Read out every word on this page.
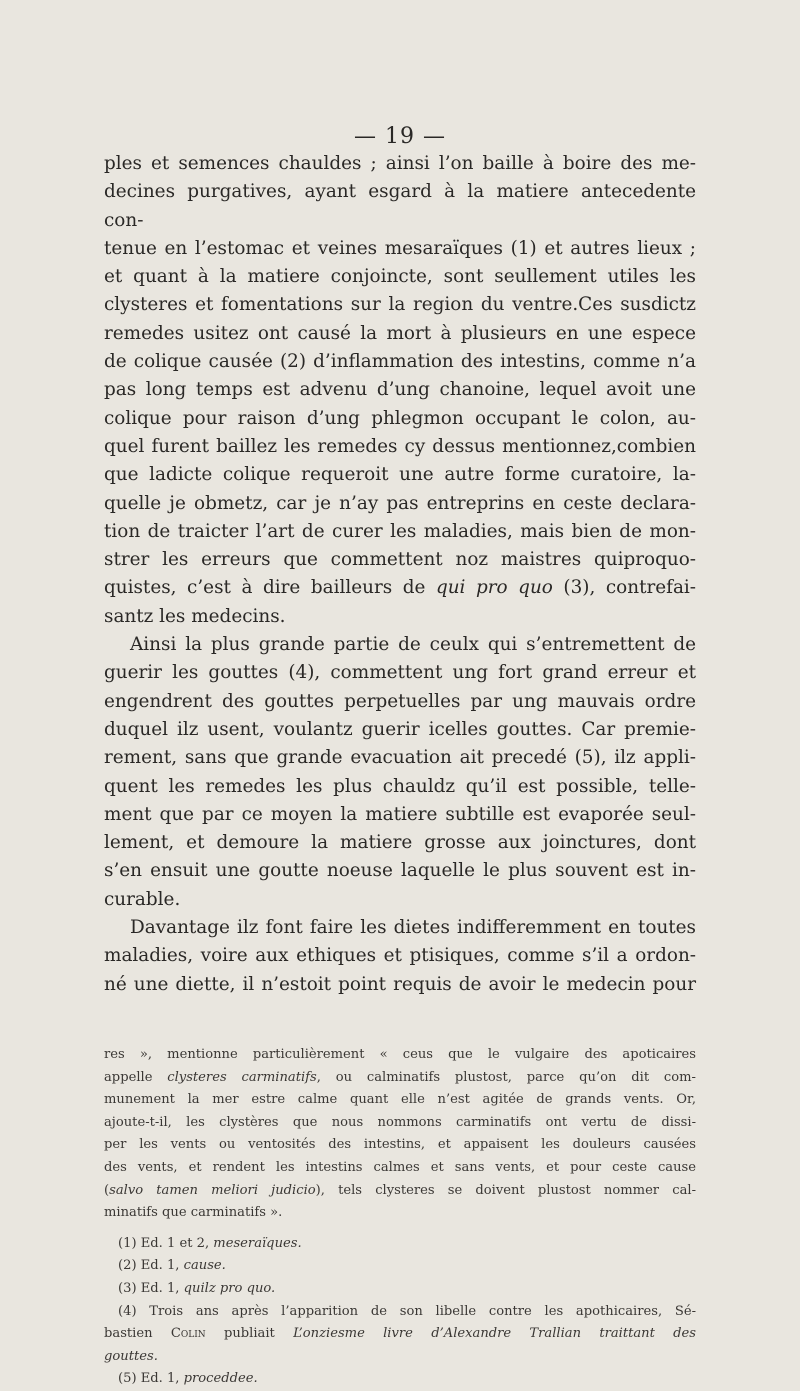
— 19 —

ples et semences chauldes ; ainsi l’on baille à boire des me-

decines purgatives, ayant esgard à la matiere antecedente con-

tenue en l’estomac et veines mesaraïques (1) et autres lieux ;

et quant à la matiere conjoincte, sont seullement utiles les

clysteres et fomentations sur la region du ventre.Ces susdictz

remedes usitez ont causé la mort à plusieurs en une espece

de colique causée (2) d’inflammation des intestins, comme n’a

pas long temps est advenu d’ung chanoine, lequel avoit une

colique pour raison d’ung phlegmon occupant le colon, au-

quel furent baillez les remedes cy dessus mentionnez,combien

que ladicte colique requeroit une autre forme curatoire, la-

quelle je obmetz, car je n’ay pas entreprins en ceste declara-

tion de traicter l’art de curer les maladies, mais bien de mon-

strer les erreurs que commettent noz maistres quiproquo-

quistes, c’est à dire bailleurs de qui pro quo (3), contrefai-

santz les medecins.

Ainsi la plus grande partie de ceulx qui s’entremettent de

guerir les gouttes (4), commettent ung fort grand erreur et

engendrent des gouttes perpetuelles par ung mauvais ordre

duquel ilz usent, voulantz guerir icelles gouttes. Car premie-

rement, sans que grande evacuation ait precedé (5), ilz appli-

quent les remedes les plus chauldz qu’il est possible, telle-

ment que par ce moyen la matiere subtille est evaporée seul-

lement, et demoure la matiere grosse aux joinctures, dont

s’en ensuit une goutte noeuse laquelle le plus souvent est in-

curable.

Davantage ilz font faire les dietes indifferemment en toutes

maladies, voire aux ethiques et ptisiques, comme s’il a ordon-

né une diette, il n’estoit point requis de avoir le medecin pour

res », mentionne particulièrement « ceus que le vulgaire des apoticaires

appelle clysteres carminatifs, ou calminatifs plustost, parce qu’on dit com-

munement la mer estre calme quant elle n’est agitée de grands vents. Or,

ajoute-t-il, les clystères que nous nommons carminatifs ont vertu de dissi-

per les vents ou ventosités des intestins, et appaisent les douleurs causées

des vents, et rendent les intestins calmes et sans vents, et pour ceste cause

(salvo tamen meliori judicio), tels clysteres se doivent plustost nommer cal-

minatifs que carminatifs ».

(1) Ed. 1 et 2, meseraïques.

(2) Ed. 1, cause.

(3) Ed. 1, quilz pro quo.

(4) Trois ans après l’apparition de son libelle contre les apothicaires, Sé-

bastien Colin publiait L’onziesme livre d’Alexandre Trallian traittant des

gouttes.

(5) Ed. 1, proceddee.
